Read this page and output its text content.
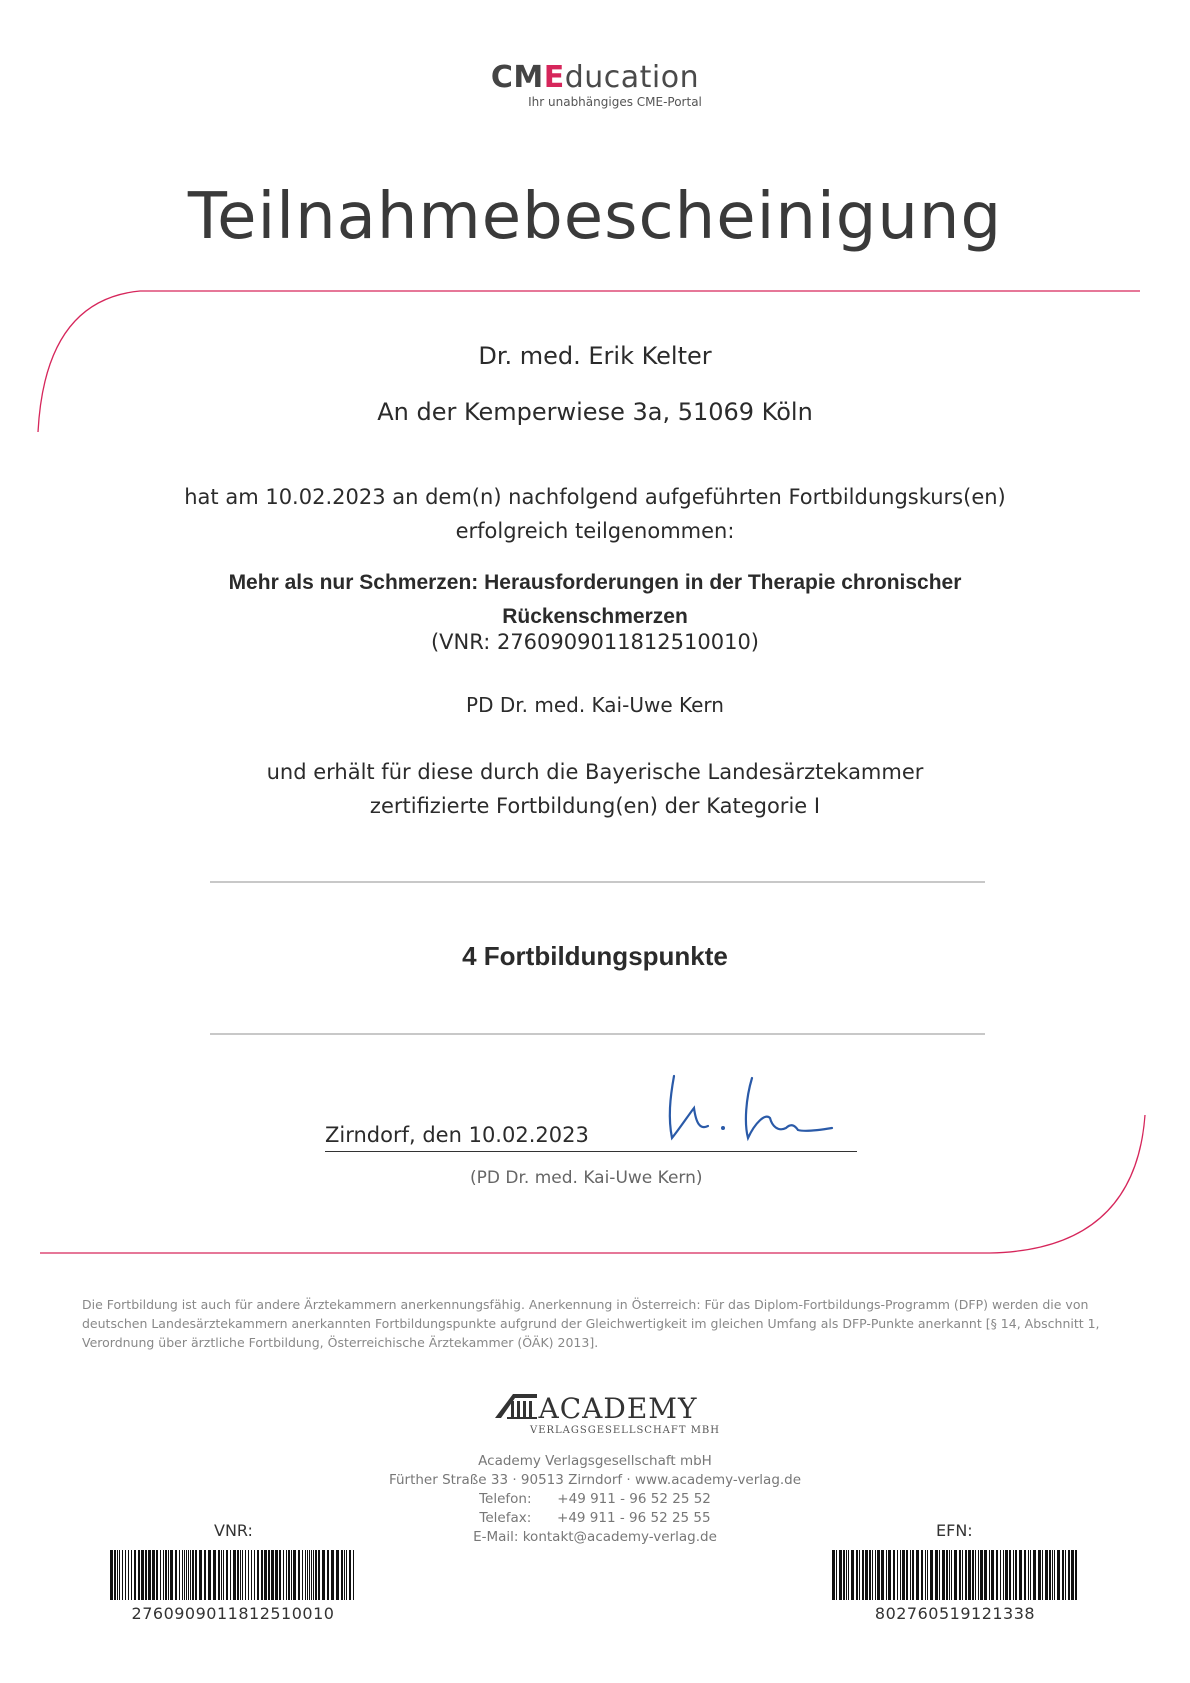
CMEducation
Ihr unabhängiges CME-Portal
Teilnahmebescheinigung
Dr. med. Erik Kelter
An der Kemperwiese 3a, 51069 Köln
hat am 10.02.2023 an dem(n) nachfolgend aufgeführten Fortbildungskurs(en)
erfolgreich teilgenommen:
Mehr als nur Schmerzen: Herausforderungen in der Therapie chronischer
Rückenschmerzen
(VNR: 2760909011812510010)
PD Dr. med. Kai-Uwe Kern
und erhält für diese durch die Bayerische Landesärztekammer
zertifizierte Fortbildung(en) der Kategorie I
4 Fortbildungspunkte
Zirndorf, den 10.02.2023
(PD Dr. med. Kai-Uwe Kern)
Die Fortbildung ist auch für andere Ärztekammern anerkennungsfähig. Anerkennung in Österreich: Für das Diplom-Fortbildungs-Programm (DFP) werden die von deutschen Landesärztekammern anerkannten Fortbildungspunkte aufgrund der Gleichwertigkeit im gleichen Umfang als DFP-Punkte anerkannt [§ 14, Abschnitt 1, Verordnung über ärztliche Fortbildung, Österreichische Ärztekammer (ÖÄK) 2013].
ACADEMY
VERLAGSGESELLSCHAFT MBH
Academy Verlagsgesellschaft mbH
Fürther Straße 33 · 90513 Zirndorf · www.academy-verlag.de
Telefon:      +49 911 - 96 52 25 52
Telefax:      +49 911 - 96 52 25 55
E-Mail: kontakt@academy-verlag.de
VNR:
2760909011812510010
EFN:
802760519121338
